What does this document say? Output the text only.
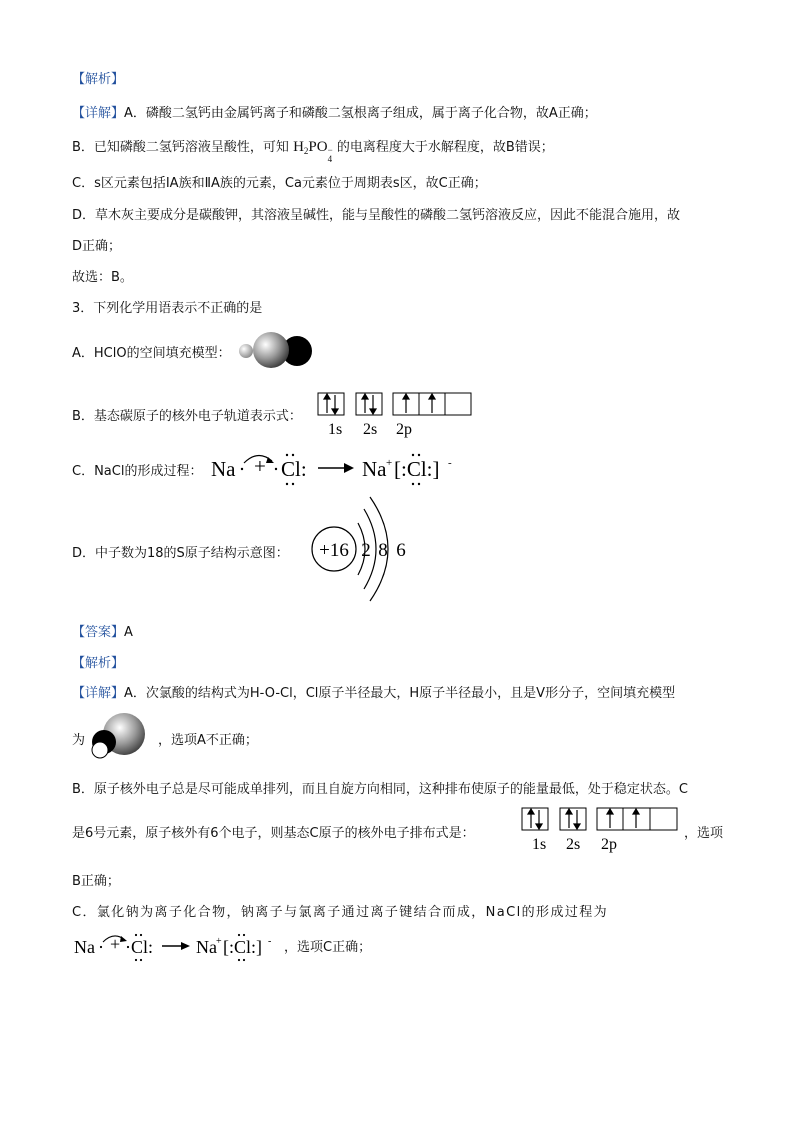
【解析】
【详解】A．磷酸二氢钙由金属钙离子和磷酸二氢根离子组成，属于离子化合物，故A正确；
B．已知磷酸二氢钙溶液呈酸性，可知 $H_2PO$ −
4
的电离程度大于水解程度，故B错误；
C．s区元素包括ⅠA族和ⅡA族的元素，Ca元素位于周期表s区，故C正确；
D．草木灰主要成分是碳酸钾，其溶液呈碱性，能与呈酸性的磷酸二氢钙溶液反应，因此不能混合施用，故
D正确；
故选：B。
3．下列化学用语表示不正确的是
A．HClO的空间填充模型：
B．基态碳原子的核外电子轨道表示式：
1s 2s 2p
C．NaCl的形成过程： Na + Cl:	Na + [:Cl:] -
D．中子数为18的S原子结构示意图： +16 2 8 6
【答案】A
【解析】
【详解】A．次氯酸的结构式为H-O-Cl，Cl原子半径最大，H原子半径最小，且是V形分子，空间填充模型
为	，选项A不正确；
B．原子核外电子总是尽可能成单排列，而且自旋方向相同，这种排布使原子的能量最低，处于稳定状态。C
是6号元素，原子核外有6个电子，则基态C原子的核外电子排布式是：
1s 2s 2p
，选项
B正确；
C．氯化钠为离子化合物，钠离子与氯离子通过离子键结合而成，NaCl的形成过程为
Na + Cl: Na + [:Cl:] - ，选项C正确；
